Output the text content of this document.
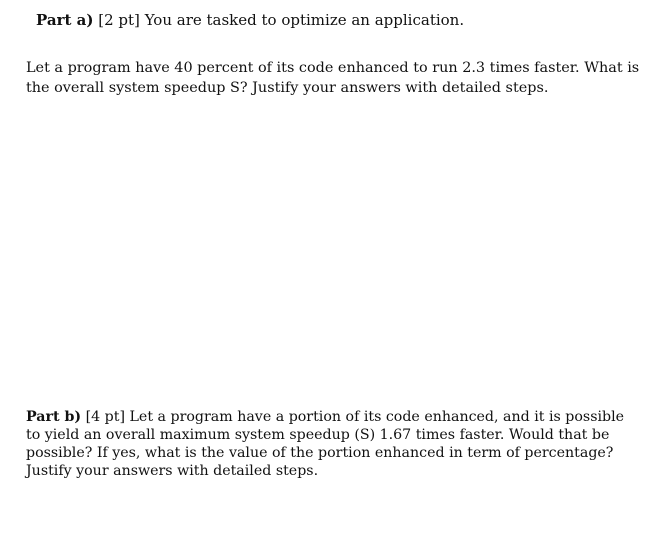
Part a) [2 pt] You are tasked to optimize an application.

Let a program have 40 percent of its code enhanced to run 2.3 times faster. What is the overall system speedup S? Justify your answers with detailed steps.

Part b) [4 pt] Let a program have a portion of its code enhanced, and it is possible to yield an overall maximum system speedup (S) 1.67 times faster. Would that be possible? If yes, what is the value of the portion enhanced in term of percentage? Justify your answers with detailed steps.
